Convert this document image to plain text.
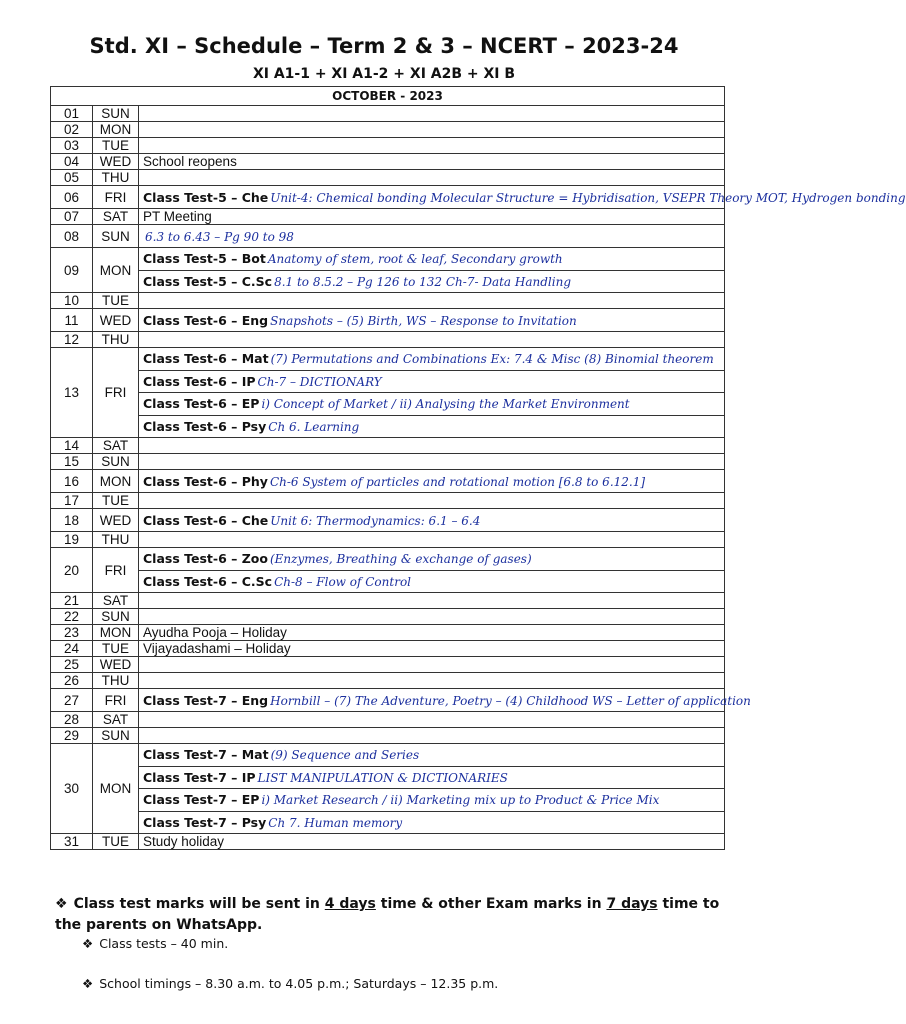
Std. XI – Schedule – Term 2 & 3 – NCERT – 2023-24
XI A1-1 + XI A1-2 + XI A2B + XI B
OCTOBER - 2023		
01	SUN	
02	MON	
03	TUE	
04	WED	School reopens
05	THU	
06	FRI	Class Test-5 – Che Unit-4: Chemical bonding Molecular Structure = Hybridisation, VSEPR Theory MOT, Hydrogen bonding
07	SAT	PT Meeting
08	SUN	6.3 to 6.43 – Pg 90 to 98
09	MON	Class Test-5 – Bot Anatomy of stem, root & leaf, Secondary growth
		Class Test-5 – C.Sc 8.1 to 8.5.2 – Pg 126 to 132 Ch-7- Data Handling
10	TUE	
11	WED	Class Test-6 – Eng Snapshots – (5) Birth, WS – Response to Invitation
12	THU	
13	FRI	Class Test-6 – Mat (7) Permutations and Combinations Ex: 7.4 & Misc (8) Binomial theorem
		Class Test-6 – IP Ch-7 – DICTIONARY
		Class Test-6 – EP i) Concept of Market / ii) Analysing the Market Environment
		Class Test-6 – Psy Ch 6. Learning
14	SAT	
15	SUN	
16	MON	Class Test-6 – Phy Ch-6 System of particles and rotational motion [6.8 to 6.12.1]
17	TUE	
18	WED	Class Test-6 – Che Unit 6: Thermodynamics: 6.1 – 6.4
19	THU	
20	FRI	Class Test-6 – Zoo (Enzymes, Breathing & exchange of gases)
		Class Test-6 – C.Sc Ch-8 – Flow of Control
21	SAT	
22	SUN	
23	MON	Ayudha Pooja – Holiday
24	TUE	Vijayadashami – Holiday
25	WED	
26	THU	
27	FRI	Class Test-7 – Eng Hornbill – (7) The Adventure, Poetry – (4) Childhood WS – Letter of application
28	SAT	
29	SUN	
30	MON	Class Test-7 – Mat (9) Sequence and Series
		Class Test-7 – IP LIST MANIPULATION & DICTIONARIES
		Class Test-7 – EP i) Market Research / ii) Marketing mix up to Product & Price Mix
		Class Test-7 – Psy Ch 7. Human memory
31	TUE	Study holiday
❖ Class test marks will be sent in 4 days time & other Exam marks in 7 days time to the parents on WhatsApp.
❖ Class tests – 40 min.
❖ School timings – 8.30 a.m. to 4.05 p.m.; Saturdays – 12.35 p.m.
